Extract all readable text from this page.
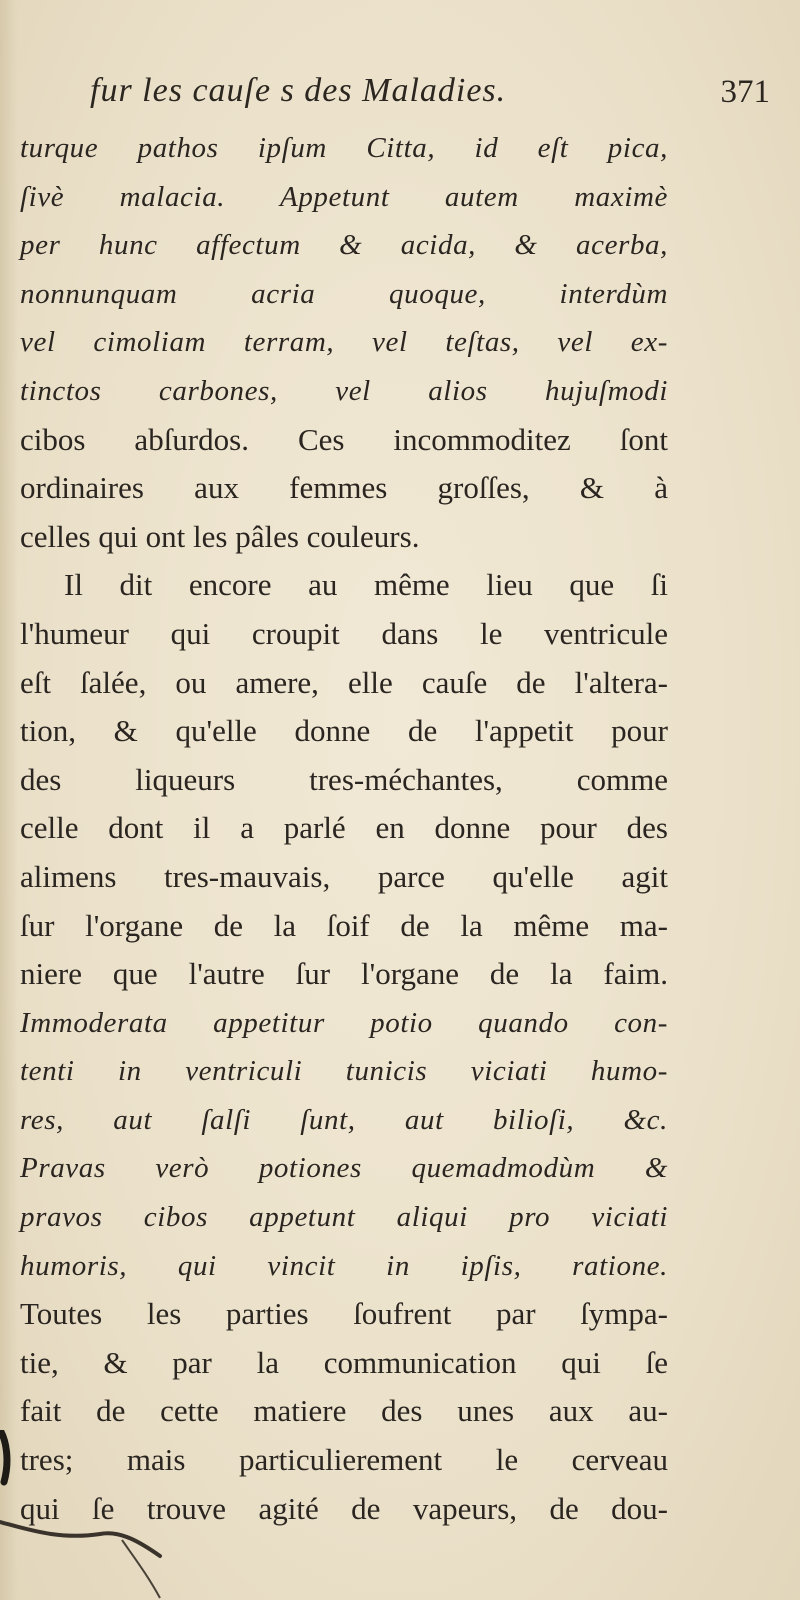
fur les cauſe s des Maladies.	371
turque pathos ipſum Citta, id eſt pica,
ſivè malacia. Appetunt autem maximè
per hunc affectum & acida, & acerba,
nonnunquam acria quoque, interdùm
vel cimoliam terram, vel teſtas, vel ex-
tinctos carbones, vel alios hujuſmodi
cibos abſurdos. Ces incommoditez ſont
ordinaires aux femmes groſſes, & à
celles qui ont les pâles couleurs.
Il dit encore au même lieu que ſi
l'humeur qui croupit dans le ventricule
eſt ſalée, ou amere, elle cauſe de l'altera-
tion, & qu'elle donne de l'appetit pour
des liqueurs tres-méchantes, comme
celle dont il a parlé en donne pour des
alimens tres-mauvais, parce qu'elle agit
ſur l'organe de la ſoif de la même ma-
niere que l'autre ſur l'organe de la faim.
Immoderata appetitur potio quando con-
tenti in ventriculi tunicis viciati humo-
res, aut ſalſi ſunt, aut bilioſi, &c.
Pravas verò potiones quemadmodùm &
pravos cibos appetunt aliqui pro viciati
humoris, qui vincit in ipſis, ratione.
Toutes les parties ſoufrent par ſympa-
tie, & par la communication qui ſe
fait de cette matiere des unes aux au-
tres; mais particulierement le cerveau
qui ſe trouve agité de vapeurs, de dou-
